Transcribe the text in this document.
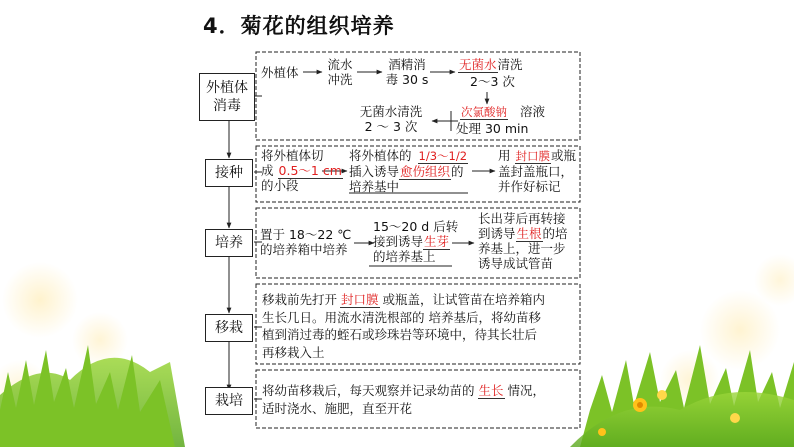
4．菊花的组织培养
外植体
消毒
接种
培养
移栽
栽培
外植体
流水
冲洗
酒精消
毒 30 s
无菌水清洗
2～3 次
次氯酸钠 溶液
处理 30 min
无菌水清洗
2 ～ 3 次
将外植体切
成 0.5～1 cm
的小段
将外植体的 1/3～1/2
插入诱导愈伤组织的
培养基中
用 封口膜或瓶
盖封盖瓶口，
并作好标记
置于 18～22 ℃
的培养箱中培养
15～20 d 后转
接到诱导生芽
的培养基上
长出芽后再转接
到诱导生根的培
养基上，进一步
诱导成试管苗
移栽前先打开 封口膜 或瓶盖，让试管苗在培养箱内
生长几日。用流水清洗根部的 培养基后，将幼苗移
植到消过毒的蛭石或珍珠岩等环境中，待其长壮后
再移栽入土
将幼苗移栽后，每天观察并记录幼苗的 生长 情况，
适时浇水、施肥，直至开花
